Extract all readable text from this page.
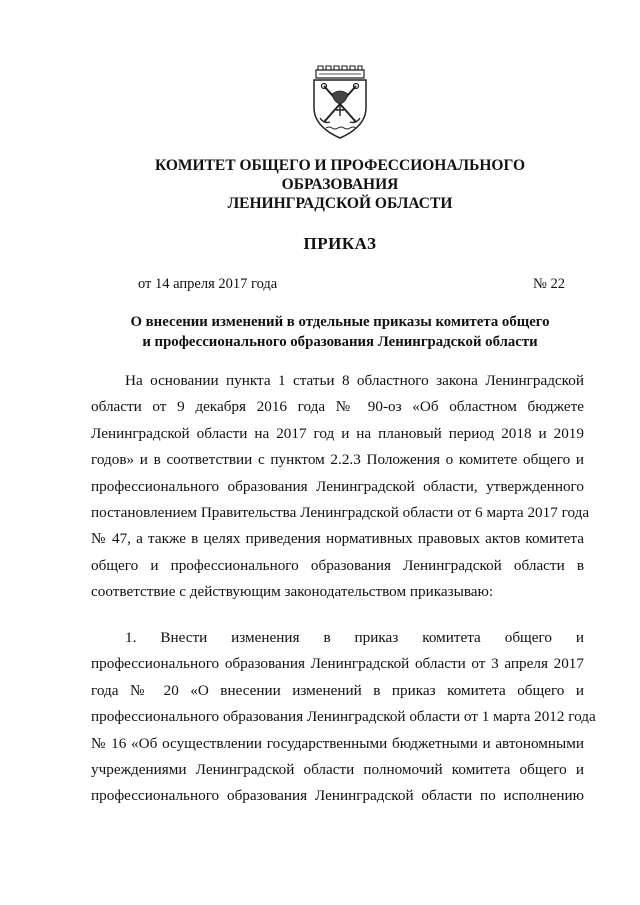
КОМИТЕТ ОБЩЕГО И ПРОФЕССИОНАЛЬНОГО
ОБРАЗОВАНИЯ
ЛЕНИНГРАДСКОЙ ОБЛАСТИ
ПРИКАЗ
от 14 апреля 2017 года	№ 22
О внесении изменений в отдельные приказы комитета общего
и профессионального образования Ленинградской области
На основании пункта 1 статьи 8 областного закона Ленинградской
области от 9 декабря 2016 года № 90-оз «Об областном бюджете
Ленинградской области на 2017 год и на плановый период 2018 и 2019
годов» и в соответствии с пунктом 2.2.3 Положения о комитете общего и
профессионального образования Ленинградской области, утвержденного
постановлением Правительства Ленинградской области от 6 марта 2017 года
№ 47, а также в целях приведения нормативных правовых актов комитета
общего и профессионального образования Ленинградской области в
соответствие с действующим законодательством приказываю:
1. Внести изменения в приказ комитета общего и
профессионального образования Ленинградской области от 3 апреля 2017
года № 20 «О внесении изменений в приказ комитета общего и
профессионального образования Ленинградской области от 1 марта 2012 года
№ 16 «Об осуществлении государственными бюджетными и автономными
учреждениями Ленинградской области полномочий комитета общего и
профессионального образования Ленинградской области по исполнению
